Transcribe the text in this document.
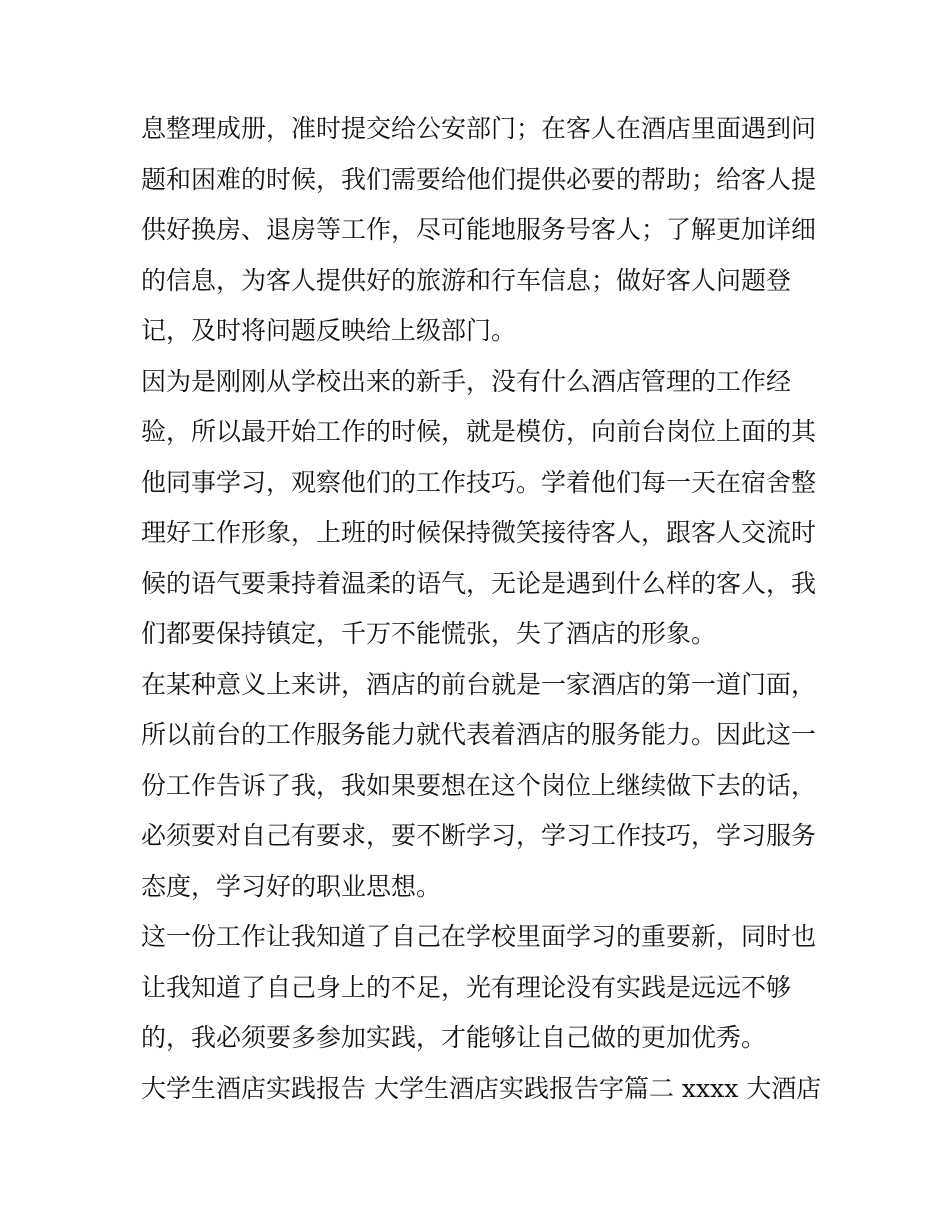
息整理成册，准时提交给公安部门；在客人在酒店里面遇到问
题和困难的时候，我们需要给他们提供必要的帮助；给客人提
供好换房、退房等工作，尽可能地服务号客人；了解更加详细
的信息，为客人提供好的旅游和行车信息；做好客人问题登
记，及时将问题反映给上级部门。
因为是刚刚从学校出来的新手，没有什么酒店管理的工作经
验，所以最开始工作的时候，就是模仿，向前台岗位上面的其
他同事学习，观察他们的工作技巧。学着他们每一天在宿舍整
理好工作形象，上班的时候保持微笑接待客人，跟客人交流时
候的语气要秉持着温柔的语气，无论是遇到什么样的客人，我
们都要保持镇定，千万不能慌张，失了酒店的形象。
在某种意义上来讲，酒店的前台就是一家酒店的第一道门面，
所以前台的工作服务能力就代表着酒店的服务能力。因此这一
份工作告诉了我，我如果要想在这个岗位上继续做下去的话，
必须要对自己有要求，要不断学习，学习工作技巧，学习服务
态度，学习好的职业思想。
这一份工作让我知道了自己在学校里面学习的重要新，同时也
让我知道了自己身上的不足，光有理论没有实践是远远不够
的，我必须要多参加实践，才能够让自己做的更加优秀。
大学生酒店实践报告 大学生酒店实践报告字篇二 xxxx 大酒店
